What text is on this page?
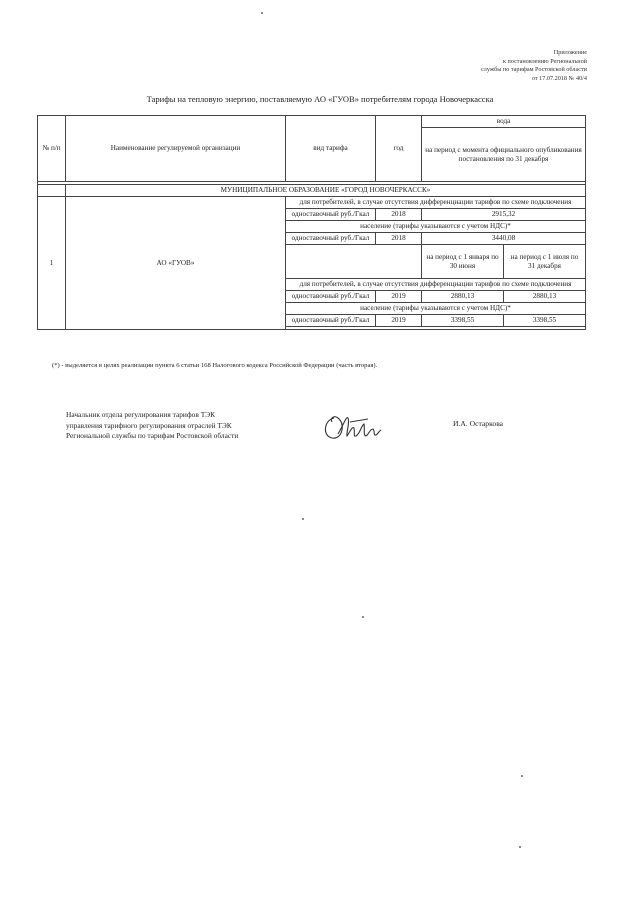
Приложение
к постановлению Региональной
службы по тарифам Ростовской области
от 17.07.2018 № 40/4
Тарифы на тепловую энергию, поставляемую АО «ГУОВ» потребителям города Новочеркасска
№ п/п	Наименование регулируемой организации	вид тарифа	год	вода	
				на период с момента официального опубликования постановления по 31 декабря	

	МУНИЦИПАЛЬНОЕ ОБРАЗОВАНИЕ «ГОРОД НОВОЧЕРКАССК»				
1	АО «ГУОВ»	для потребителей, в случае отсутствия дифференциации тарифов по схеме подключения			
		одноставочный руб./Гкал	2018	2915,32	
		население (тарифы указываются с учетом НДС)*			
		одноставочный руб./Гкал	2018	3440,08	
				на период с 1 января по 30 июня	на период с 1 июля по 31 декабря
		для потребителей, в случае отсутствия дифференциации тарифов по схеме подключения			
		одноставочный руб./Гкал	2019	2880,13	2880,13
		население (тарифы указываются с учетом НДС)*			
		одноставочный руб./Гкал	2019	3398,55	3398,55

(*) - выделяется в целях реализации пункта 6 статьи 168 Налогового кодекса Российской Федерации (часть вторая).
Начальник отдела регулирования тарифов ТЭК
управления тарифного регулирования отраслей ТЭК
Региональной службы по тарифам Ростовской области
И.А. Остаркова
